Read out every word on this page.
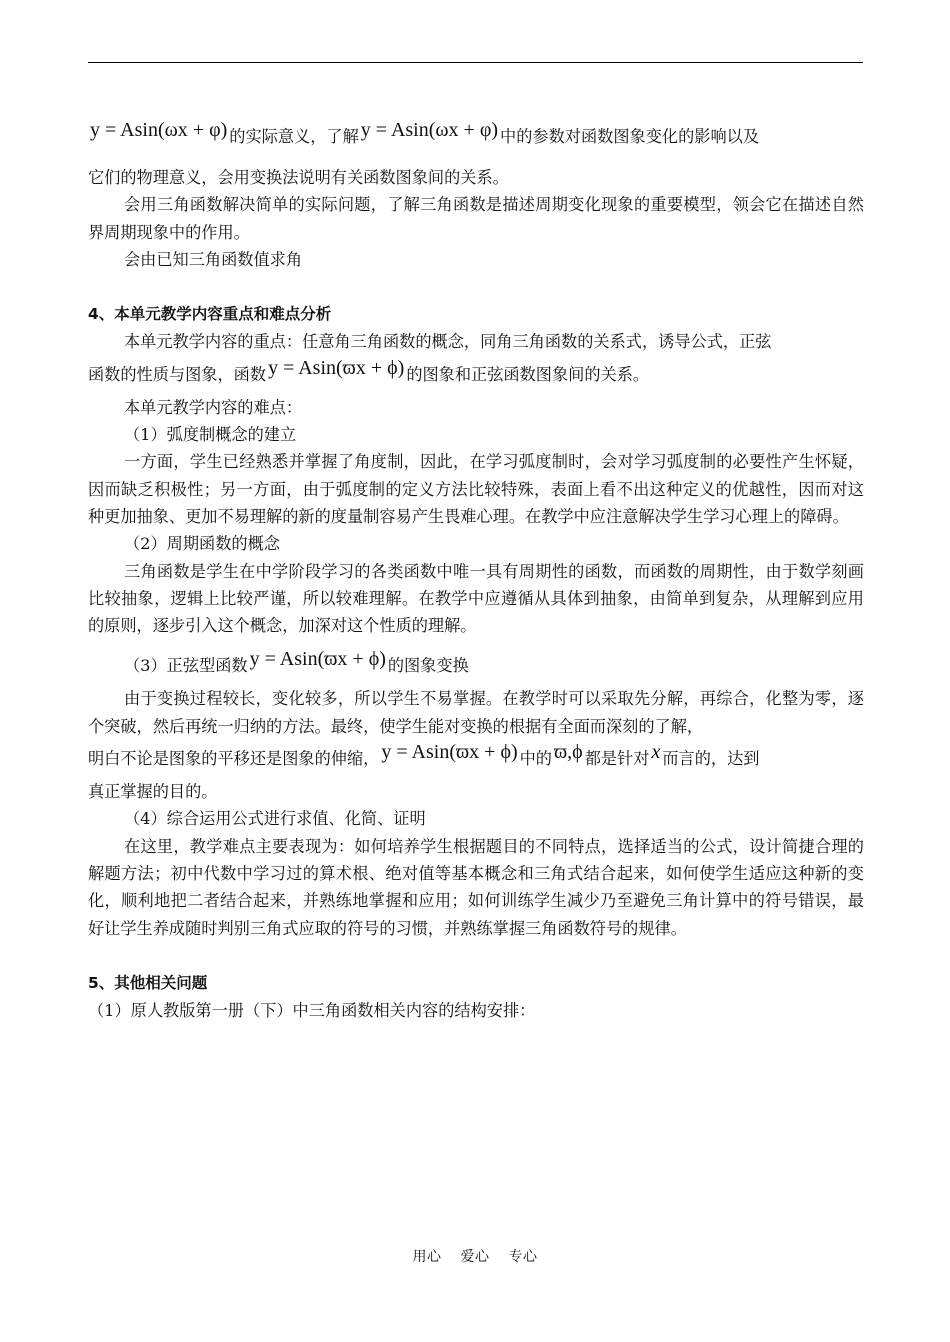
y = Asin(ωx + φ) 的实际意义，了解 y = Asin(ωx + φ) 中的参数对函数图象变化的影响以及

它们的物理意义，会用变换法说明有关函数图象间的关系。

会用三角函数解决简单的实际问题，了解三角函数是描述周期变化现象的重要模型，领会它在描述自然界周期现象中的作用。

会由已知三角函数值求角

4、本单元教学内容重点和难点分析

本单元教学内容的重点：任意角三角函数的概念，同角三角函数的关系式，诱导公式，正弦

函数的性质与图象，函数 y = Asin(ϖx + ϕ) 的图象和正弦函数图象间的关系。

本单元教学内容的难点：

（1）弧度制概念的建立

一方面，学生已经熟悉并掌握了角度制，因此，在学习弧度制时，会对学习弧度制的必要性产生怀疑，因而缺乏积极性；另一方面，由于弧度制的定义方法比较特殊，表面上看不出这种定义的优越性，因而对这种更加抽象、更加不易理解的新的度量制容易产生畏难心理。在教学中应注意解决学生学习心理上的障碍。

（2）周期函数的概念

三角函数是学生在中学阶段学习的各类函数中唯一具有周期性的函数，而函数的周期性，由于数学刻画比较抽象，逻辑上比较严谨，所以较难理解。在教学中应遵循从具体到抽象，由简单到复杂，从理解到应用的原则，逐步引入这个概念，加深对这个性质的理解。

（3）正弦型函数 y = Asin(ϖx + ϕ) 的图象变换

由于变换过程较长，变化较多，所以学生不易掌握。在教学时可以采取先分解，再综合，化整为零，逐个突破，然后再统一归纳的方法。最终，使学生能对变换的根据有全面而深刻的了解，

明白不论是图象的平移还是图象的伸缩， y = Asin(ϖx + ϕ) 中的 ϖ,ϕ 都是针对 x 而言的，达到

真正掌握的目的。

（4）综合运用公式进行求值、化简、证明

在这里，教学难点主要表现为：如何培养学生根据题目的不同特点，选择适当的公式，设计简捷合理的解题方法；初中代数中学习过的算术根、绝对值等基本概念和三角式结合起来，如何使学生适应这种新的变化，顺利地把二者结合起来，并熟练地掌握和应用；如何训练学生减少乃至避免三角计算中的符号错误，最好让学生养成随时判别三角式应取的符号的习惯，并熟练掌握三角函数符号的规律。

5、其他相关问题

（1）原人教版第一册（下）中三角函数相关内容的结构安排：

用心 爱心 专心
